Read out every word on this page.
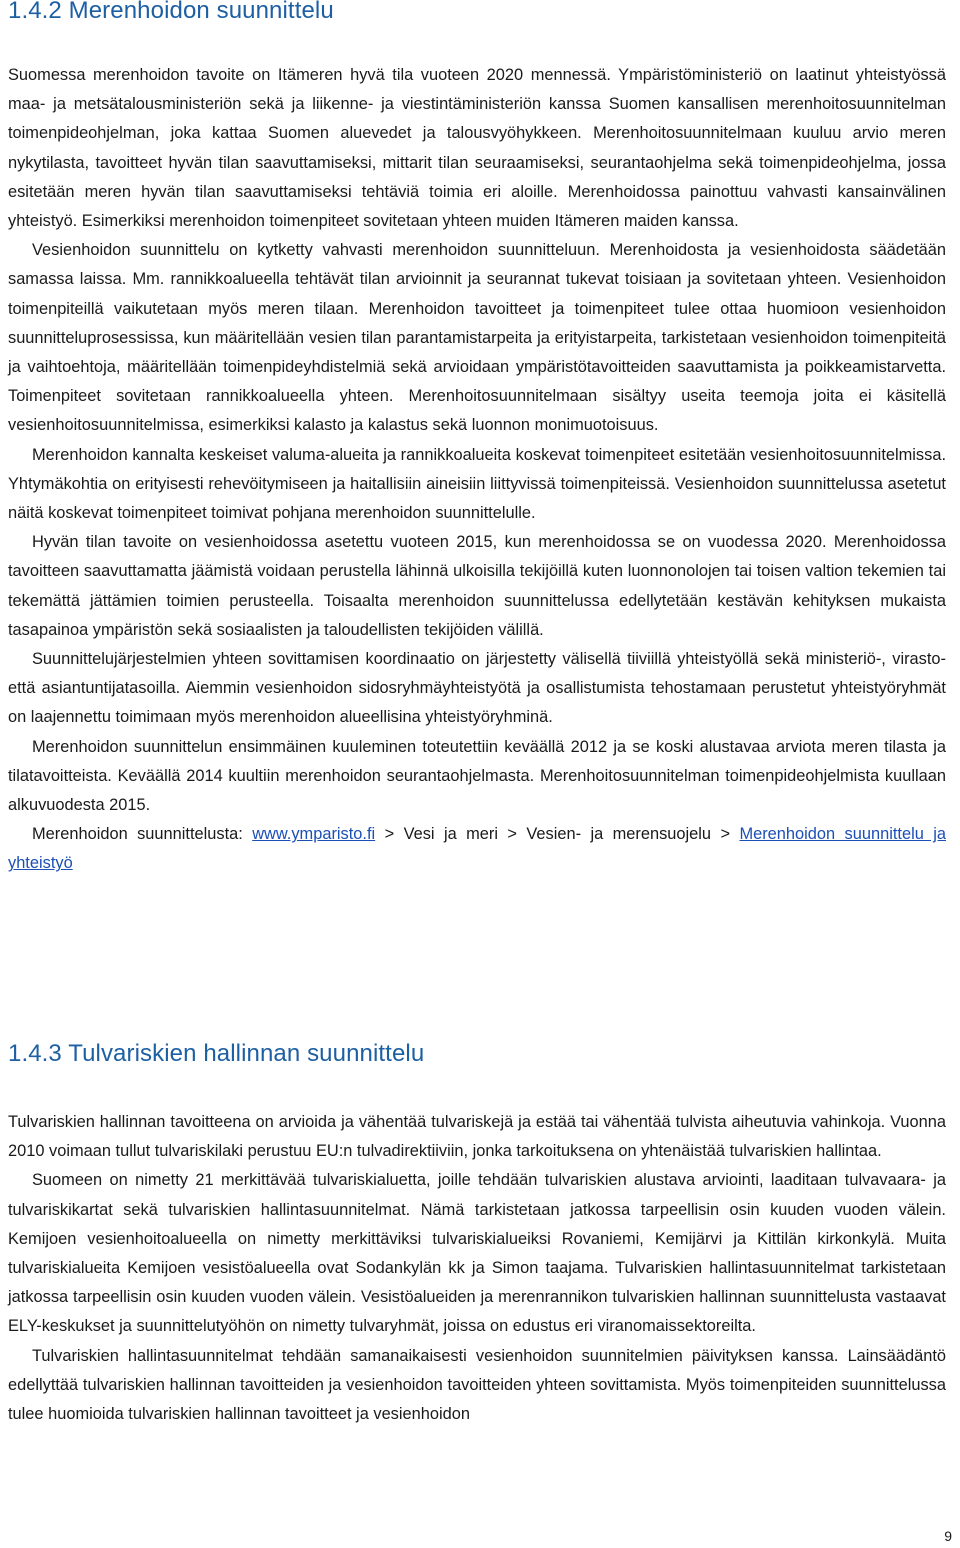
1.4.2 Merenhoidon suunnittelu

Suomessa merenhoidon tavoite on Itämeren hyvä tila vuoteen 2020 mennessä. Ympäristöministeriö on laatinut yhteistyössä maa- ja metsätalousministeriön sekä ja liikenne- ja viestintäministeriön kanssa Suomen kansallisen merenhoitosuunnitelman toimenpideohjelman, joka kattaa Suomen aluevedet ja talousvyöhykkeen. Merenhoitosuunnitelmaan kuuluu arvio meren nykytilasta, tavoitteet hyvän tilan saavuttamiseksi, mittarit tilan seuraamiseksi, seurantaohjelma sekä toimenpideohjelma, jossa esitetään meren hyvän tilan saavuttamiseksi tehtäviä toimia eri aloille. Merenhoidossa painottuu vahvasti kansainvälinen yhteistyö. Esimerkiksi merenhoidon toimenpiteet sovitetaan yhteen muiden Itämeren maiden kanssa.

Vesienhoidon suunnittelu on kytketty vahvasti merenhoidon suunnitteluun. Merenhoidosta ja vesienhoidosta säädetään samassa laissa. Mm. rannikkoalueella tehtävät tilan arvioinnit ja seurannat tukevat toisiaan ja sovitetaan yhteen. Vesienhoidon toimenpiteillä vaikutetaan myös meren tilaan. Merenhoidon tavoitteet ja toimenpiteet tulee ottaa huomioon vesienhoidon suunnitteluprosessissa, kun määritellään vesien tilan parantamistarpeita ja erityistarpeita, tarkistetaan vesienhoidon toimenpiteitä ja vaihtoehtoja, määritellään toimenpideyhdistelmiä sekä arvioidaan ympäristötavoitteiden saavuttamista ja poikkeamistarvetta. Toimenpiteet sovitetaan rannikkoalueella yhteen. Merenhoitosuunnitelmaan sisältyy useita teemoja joita ei käsitellä vesienhoitosuunnitelmissa, esimerkiksi kalasto ja kalastus sekä luonnon monimuotoisuus.

Merenhoidon kannalta keskeiset valuma-alueita ja rannikkoalueita koskevat toimenpiteet esitetään vesienhoitosuunnitelmissa. Yhtymäkohtia on erityisesti rehevöitymiseen ja haitallisiin aineisiin liittyvissä toimenpiteissä. Vesienhoidon suunnittelussa asetetut näitä koskevat toimenpiteet toimivat pohjana merenhoidon suunnittelulle.

Hyvän tilan tavoite on vesienhoidossa asetettu vuoteen 2015, kun merenhoidossa se on vuodessa 2020. Merenhoidossa tavoitteen saavuttamatta jäämistä voidaan perustella lähinnä ulkoisilla tekijöillä kuten luonnonolojen tai toisen valtion tekemien tai tekemättä jättämien toimien perusteella. Toisaalta merenhoidon suunnittelussa edellytetään kestävän kehityksen mukaista tasapainoa ympäristön sekä sosiaalisten ja taloudellisten tekijöiden välillä.

Suunnittelujärjestelmien yhteen sovittamisen koordinaatio on järjestetty välisellä tiiviillä yhteistyöllä sekä ministeriö-, virasto- että asiantuntijatasoilla. Aiemmin vesienhoidon sidosryhmäyhteistyötä ja osallistumista tehostamaan perustetut yhteistyöryhmät on laajennettu toimimaan myös merenhoidon alueellisina yhteistyöryhminä.

Merenhoidon suunnittelun ensimmäinen kuuleminen toteutettiin keväällä 2012 ja se koski alustavaa arviota meren tilasta ja tilatavoitteista. Keväällä 2014 kuultiin merenhoidon seurantaohjelmasta. Merenhoitosuunnitelman toimenpideohjelmista kuullaan alkuvuodesta 2015.

Merenhoidon suunnittelusta: www.ymparisto.fi > Vesi ja meri > Vesien- ja merensuojelu > Merenhoidon suunnittelu ja yhteistyö

1.4.3 Tulvariskien hallinnan suunnittelu

Tulvariskien hallinnan tavoitteena on arvioida ja vähentää tulvariskejä ja estää tai vähentää tulvista aiheutuvia vahinkoja. Vuonna 2010 voimaan tullut tulvariskilaki perustuu EU:n tulvadirektiiviin, jonka tarkoituksena on yhtenäistää tulvariskien hallintaa.

Suomeen on nimetty 21 merkittävää tulvariskialuetta, joille tehdään tulvariskien alustava arviointi, laaditaan tulvavaara- ja tulvariskikartat sekä tulvariskien hallintasuunnitelmat. Nämä tarkistetaan jatkossa tarpeellisin osin kuuden vuoden välein. Kemijoen vesienhoitoalueella on nimetty merkittäviksi tulvariskialueiksi Rovaniemi, Kemijärvi ja Kittilän kirkonkylä. Muita tulvariskialueita Kemijoen vesistöalueella ovat Sodankylän kk ja Simon taajama. Tulvariskien hallintasuunnitelmat tarkistetaan jatkossa tarpeellisin osin kuuden vuoden välein. Vesistöalueiden ja merenrannikon tulvariskien hallinnan suunnittelusta vastaavat ELY-keskukset ja suunnittelutyöhön on nimetty tulvaryhmät, joissa on edustus eri viranomaissektoreilta.

Tulvariskien hallintasuunnitelmat tehdään samanaikaisesti vesienhoidon suunnitelmien päivityksen kanssa. Lainsäädäntö edellyttää tulvariskien hallinnan tavoitteiden ja vesienhoidon tavoitteiden yhteen sovittamista. Myös toimenpiteiden suunnittelussa tulee huomioida tulvariskien hallinnan tavoitteet ja vesienhoidon

9
